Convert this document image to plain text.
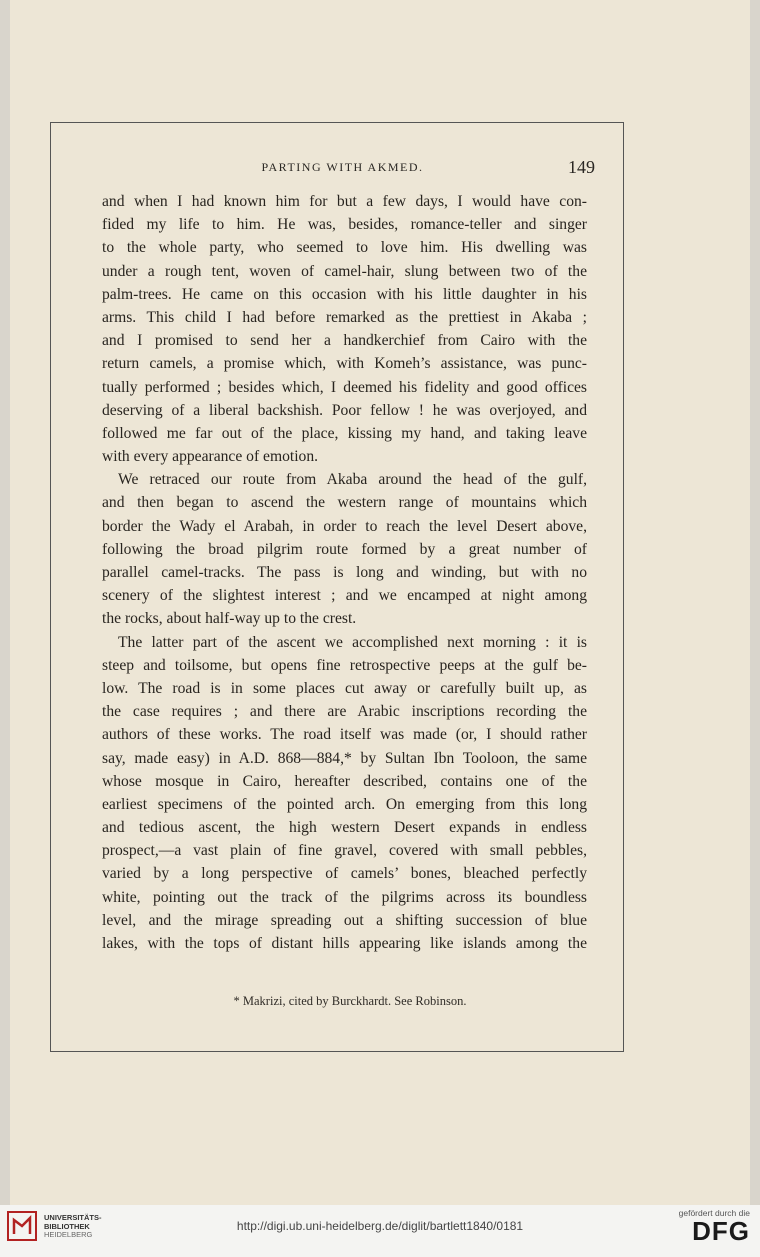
PARTING WITH AKMED.	149
and when I had known him for but a few days, I would have con-
fided my life to him. He was, besides, romance-teller and singer
to the whole party, who seemed to love him. His dwelling was
under a rough tent, woven of camel-hair, slung between two of the
palm-trees. He came on this occasion with his little daughter in his
arms. This child I had before remarked as the prettiest in Akaba ;
and I promised to send her a handkerchief from Cairo with the
return camels, a promise which, with Komeh’s assistance, was punc-
tually performed ; besides which, I deemed his fidelity and good offices
deserving of a liberal backshish. Poor fellow ! he was overjoyed, and
followed me far out of the place, kissing my hand, and taking leave
with every appearance of emotion.
We retraced our route from Akaba around the head of the gulf,
and then began to ascend the western range of mountains which
border the Wady el Arabah, in order to reach the level Desert above,
following the broad pilgrim route formed by a great number of
parallel camel-tracks. The pass is long and winding, but with no
scenery of the slightest interest ; and we encamped at night among
the rocks, about half-way up to the crest.
The latter part of the ascent we accomplished next morning : it is
steep and toilsome, but opens fine retrospective peeps at the gulf be-
low. The road is in some places cut away or carefully built up, as
the case requires ; and there are Arabic inscriptions recording the
authors of these works. The road itself was made (or, I should rather
say, made easy) in A.D. 868—884,* by Sultan Ibn Tooloon, the same
whose mosque in Cairo, hereafter described, contains one of the
earliest specimens of the pointed arch. On emerging from this long
and tedious ascent, the high western Desert expands in endless
prospect,—a vast plain of fine gravel, covered with small pebbles,
varied by a long perspective of camels’ bones, bleached perfectly
white, pointing out the track of the pilgrims across its boundless
level, and the mirage spreading out a shifting succession of blue
lakes, with the tops of distant hills appearing like islands among the
* Makrizi, cited by Burckhardt. See Robinson.
UNIVERSITÄTS-
BIBLIOTHEK
HEIDELBERG
http://digi.ub.uni-heidelberg.de/diglit/bartlett1840/0181
gefördert durch die
DFG
